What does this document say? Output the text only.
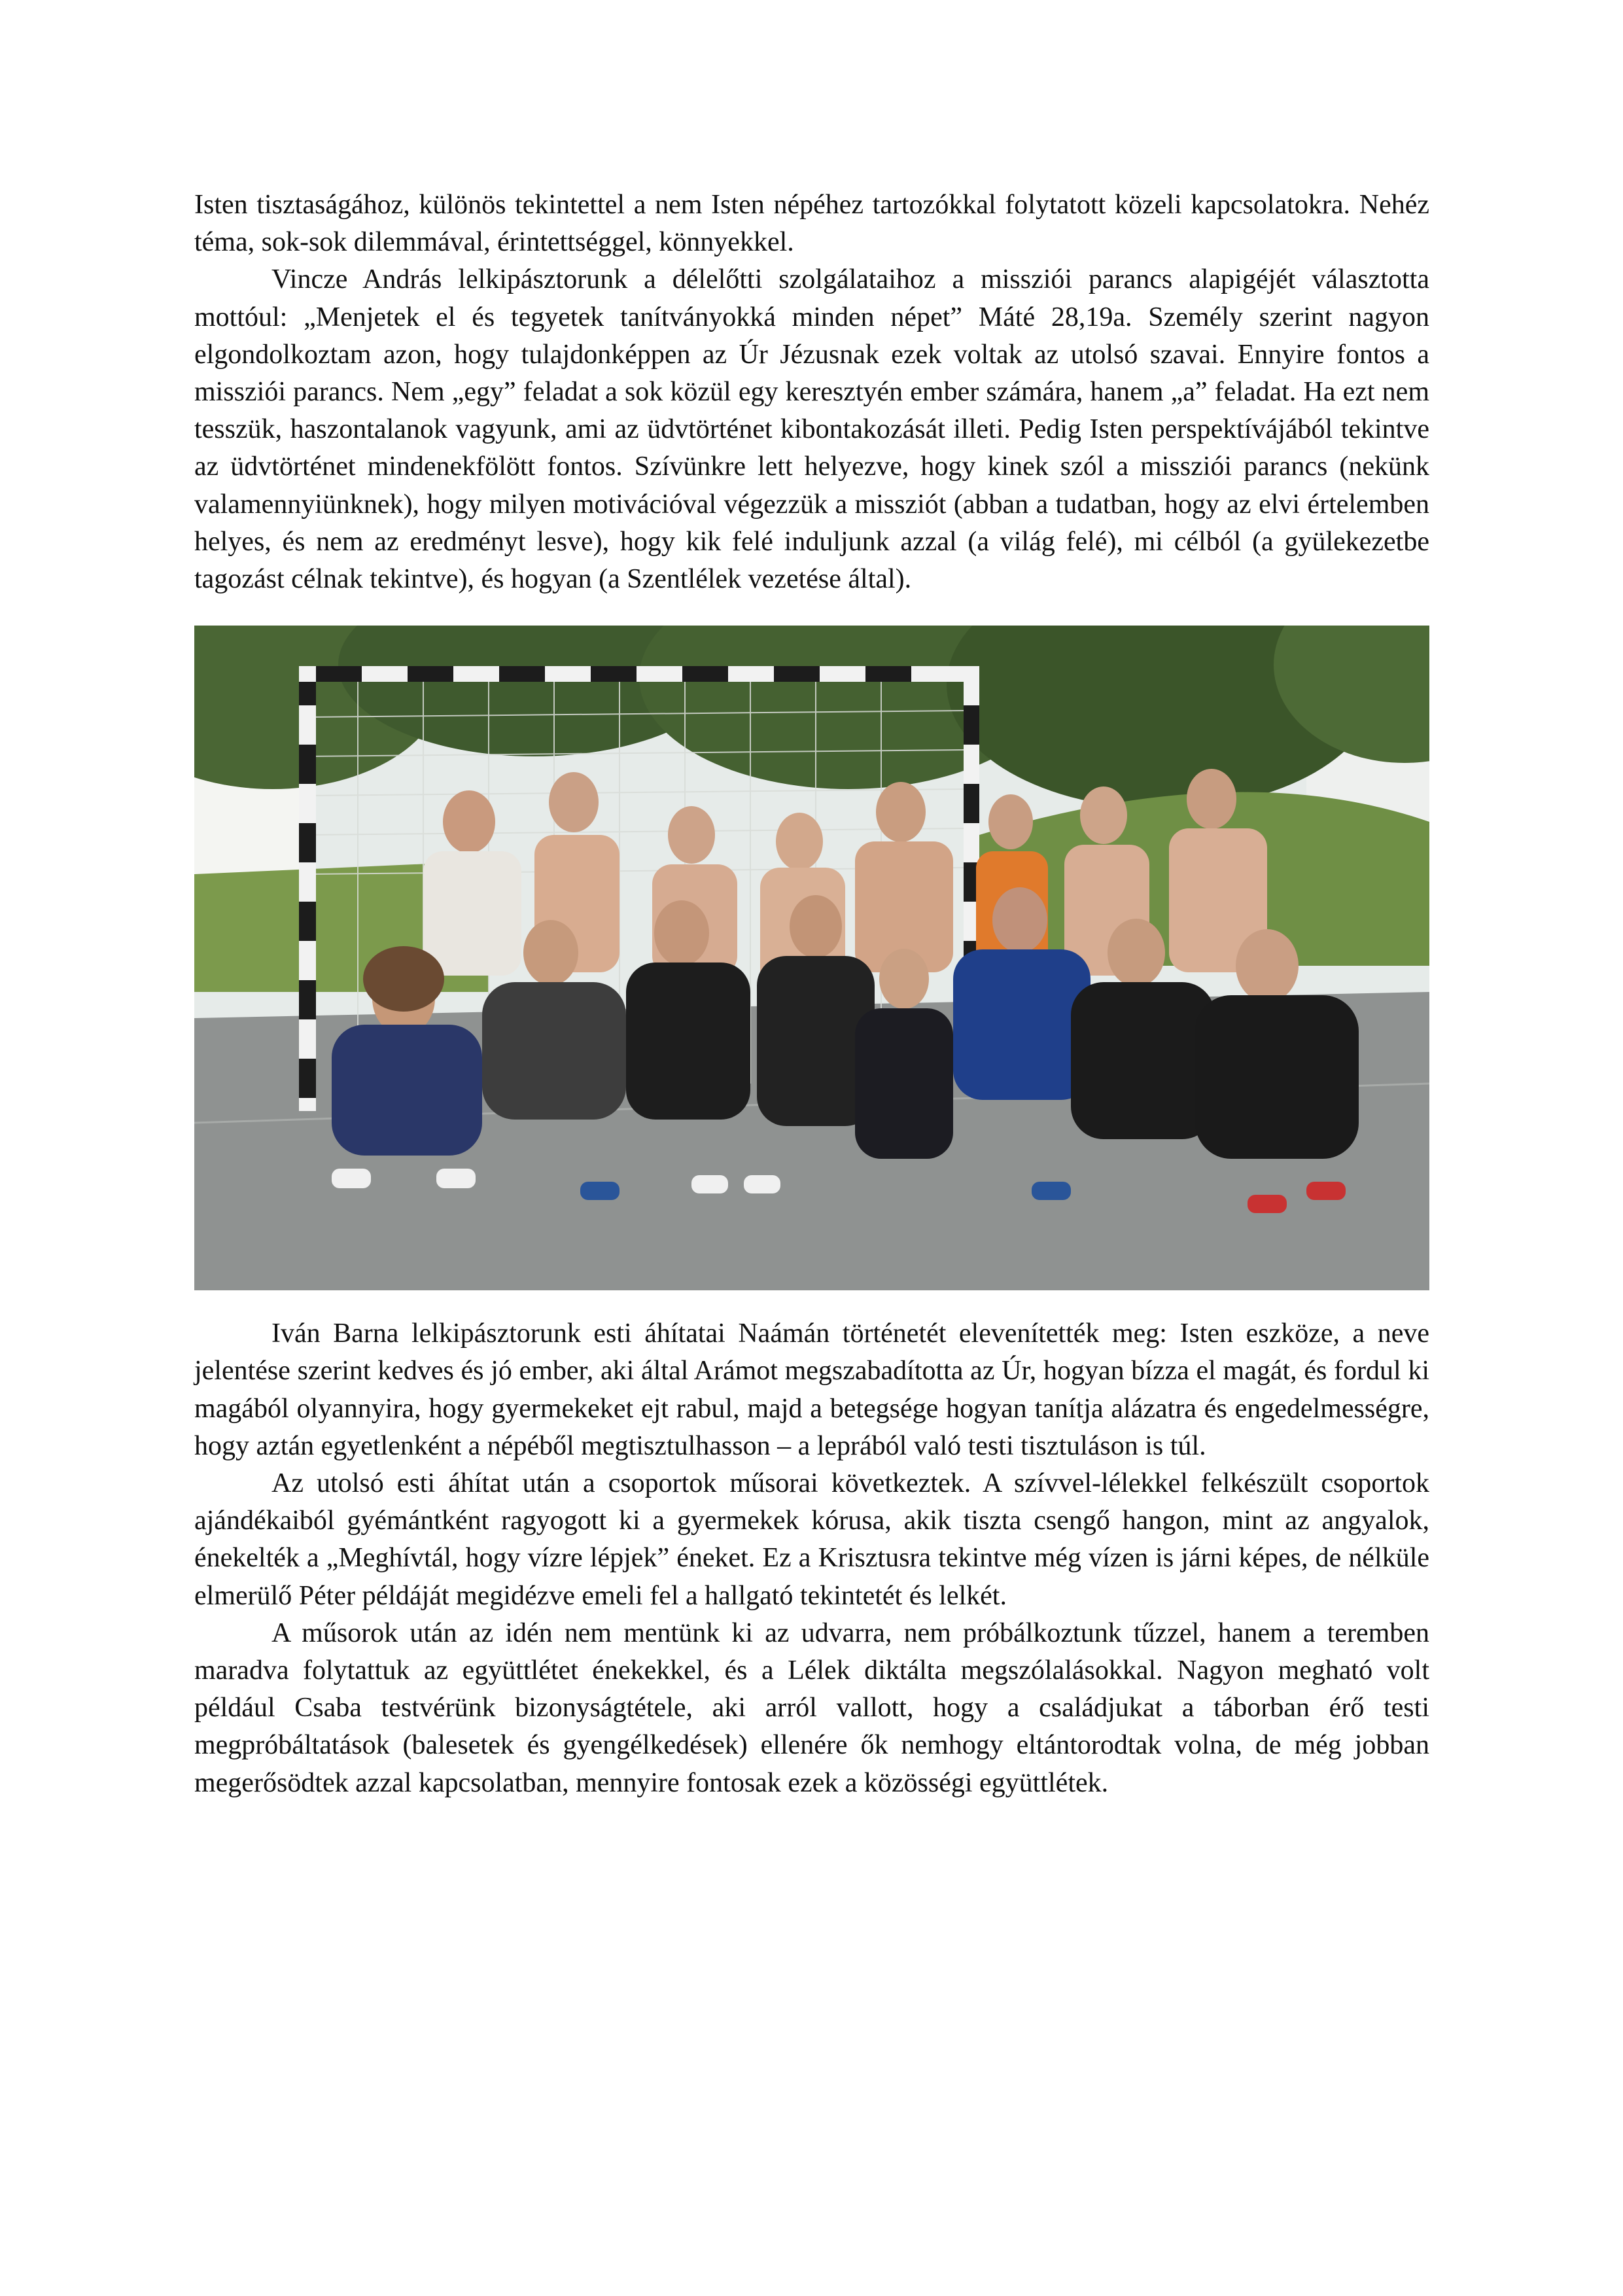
Isten tisztaságához, különös tekintettel a nem Isten népéhez tartozókkal folytatott közeli kapcsolatokra. Nehéz téma, sok-sok dilemmával, érintettséggel, könnyekkel.

Vincze András lelkipásztorunk a délelőtti szolgálataihoz a missziói parancs alapigéjét választotta mottóul: „Menjetek el és tegyetek tanítványokká minden népet” Máté 28,19a. Személy szerint nagyon elgondolkoztam azon, hogy tulajdonképpen az Úr Jézusnak ezek voltak az utolsó szavai. Ennyire fontos a missziói parancs. Nem „egy” feladat a sok közül egy keresztyén ember számára, hanem „a” feladat. Ha ezt nem tesszük, haszontalanok vagyunk, ami az üdvtörténet kibontakozását illeti. Pedig Isten perspektívájából tekintve az üdvtörténet mindenekfölött fontos. Szívünkre lett helyezve, hogy kinek szól a missziói parancs (nekünk valamennyiünknek), hogy milyen motivációval végezzük a missziót (abban a tudatban, hogy az elvi értelemben helyes, és nem az eredményt lesve), hogy kik felé induljunk azzal (a világ felé), mi célból (a gyülekezetbe tagozást célnak tekintve), és hogyan (a Szentlélek vezetése által).

Iván Barna lelkipásztorunk esti áhítatai Naámán történetét elevenítették meg: Isten eszköze, a neve jelentése szerint kedves és jó ember, aki által Arámot megszabadította az Úr, hogyan bízza el magát, és fordul ki magából olyannyira, hogy gyermekeket ejt rabul, majd a betegsége hogyan tanítja alázatra és engedelmességre, hogy aztán egyetlenként a népéből megtisztulhasson – a leprából való testi tisztuláson is túl.

Az utolsó esti áhítat után a csoportok műsorai következtek. A szívvel-lélekkel felkészült csoportok ajándékaiból gyémántként ragyogott ki a gyermekek kórusa, akik tiszta csengő hangon, mint az angyalok, énekelték a „Meghívtál, hogy vízre lépjek” éneket. Ez a Krisztusra tekintve még vízen is járni képes, de nélküle elmerülő Péter példáját megidézve emeli fel a hallgató tekintetét és lelkét.

A műsorok után az idén nem mentünk ki az udvarra, nem próbálkoztunk tűzzel, hanem a teremben maradva folytattuk az együttlétet énekekkel, és a Lélek diktálta megszólalásokkal. Nagyon megható volt például Csaba testvérünk bizonyságtétele, aki arról vallott, hogy a családjukat a táborban érő testi megpróbáltatások (balesetek és gyengélkedések) ellenére ők nemhogy eltántorodtak volna, de még jobban megerősödtek azzal kapcsolatban, mennyire fontosak ezek a közösségi együttlétek.
